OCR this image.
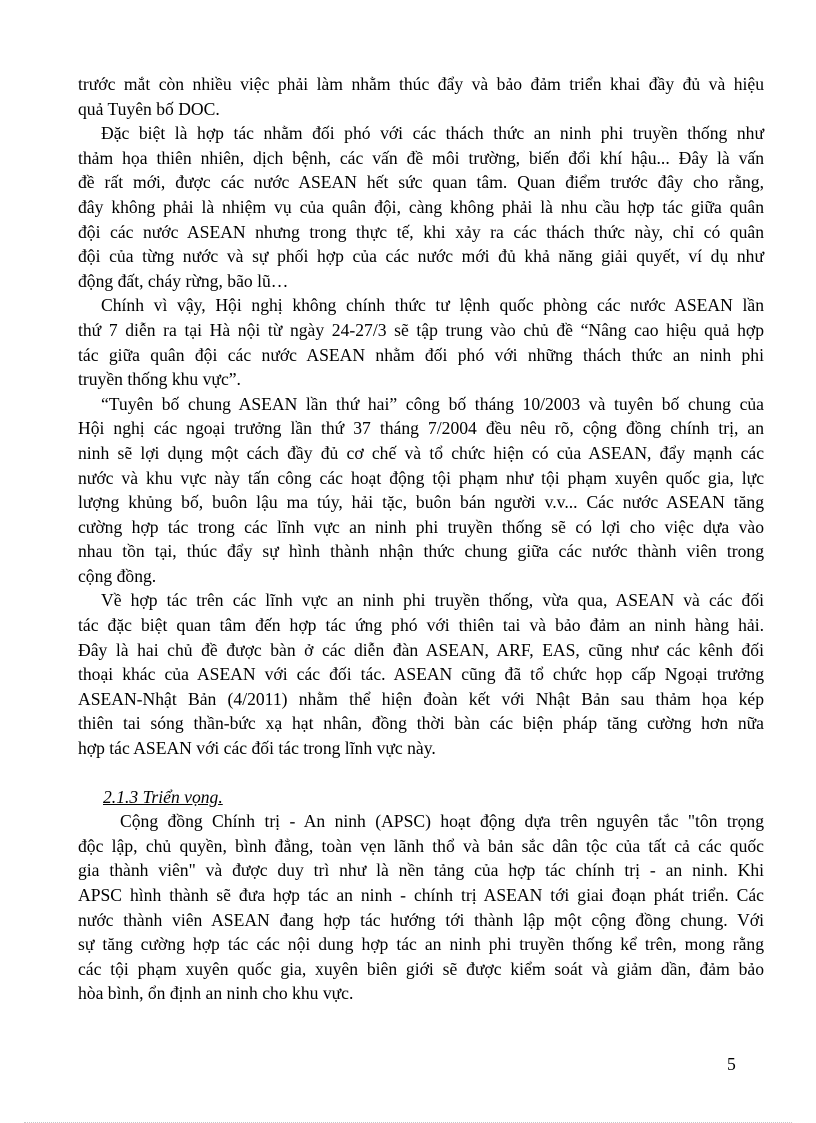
trước mắt còn nhiều việc phải làm nhằm thúc đẩy và bảo đảm triển khai đầy đủ và hiệu
quả Tuyên bố DOC.
Đặc biệt là hợp tác nhằm đối phó với các thách thức an ninh phi truyền thống như
thảm họa thiên nhiên, dịch bệnh, các vấn đề môi trường, biến đổi khí hậu... Đây là vấn
đề rất mới, được các nước ASEAN hết sức quan tâm. Quan điểm trước đây cho rằng,
đây không phải là nhiệm vụ của quân đội, càng không phải là nhu cầu hợp tác giữa quân
đội các nước ASEAN nhưng trong thực tế, khi xảy ra các thách thức này, chỉ có quân
đội của từng nước và sự phối hợp của các nước mới đủ khả năng giải quyết, ví dụ như
động đất, cháy rừng, bão lũ…
Chính vì vậy, Hội nghị không chính thức tư lệnh quốc phòng các nước ASEAN lần
thứ 7 diễn ra tại Hà nội từ ngày 24-27/3 sẽ tập trung vào chủ đề “Nâng cao hiệu quả hợp
tác giữa quân đội các nước ASEAN nhằm đối phó với những thách thức an ninh phi
truyền thống khu vực”.
“Tuyên bố chung ASEAN lần thứ hai” công bố tháng 10/2003 và tuyên bố chung của
Hội nghị các ngoại trưởng lần thứ 37 tháng 7/2004 đều nêu rõ, cộng đồng chính trị, an
ninh sẽ lợi dụng một cách đầy đủ cơ chế và tổ chức hiện có của ASEAN, đẩy mạnh các
nước và khu vực này tấn công các hoạt động tội phạm như tội phạm xuyên quốc gia, lực
lượng khủng bố, buôn lậu ma túy, hải tặc, buôn bán người v.v... Các nước ASEAN tăng
cường hợp tác trong các lĩnh vực an ninh phi truyền thống sẽ có lợi cho việc dựa vào
nhau tồn tại, thúc đẩy sự hình thành nhận thức chung giữa các nước thành viên trong
cộng đồng.
Về hợp tác trên các lĩnh vực an ninh phi truyền thống, vừa qua, ASEAN và các đối
tác đặc biệt quan tâm đến hợp tác ứng phó với thiên tai và bảo đảm an ninh hàng hải.
Đây là hai chủ đề được bàn ở các diễn đàn ASEAN, ARF, EAS, cũng như các kênh đối
thoại khác của ASEAN với các đối tác. ASEAN cũng đã tổ chức họp cấp Ngoại trưởng
ASEAN-Nhật Bản (4/2011) nhằm thể hiện đoàn kết với Nhật Bản sau thảm họa kép
thiên tai sóng thần-bức xạ hạt nhân, đồng thời bàn các biện pháp tăng cường hơn nữa
hợp tác ASEAN với các đối tác trong lĩnh vực này.
2.1.3 Triển vọng.
Cộng đồng Chính trị - An ninh (APSC) hoạt động dựa trên nguyên tắc "tôn trọng
độc lập, chủ quyền, bình đẳng, toàn vẹn lãnh thổ và bản sắc dân tộc của tất cả các quốc
gia thành viên" và được duy trì như là nền tảng của hợp tác chính trị - an ninh. Khi
APSC hình thành sẽ đưa hợp tác an ninh - chính trị ASEAN tới giai đoạn phát triển. Các
nước thành viên ASEAN đang hợp tác hướng tới thành lập một cộng đồng chung. Với
sự tăng cường hợp tác các nội dung hợp tác an ninh phi truyền thống kể trên, mong rằng
các tội phạm xuyên quốc gia, xuyên biên giới sẽ được kiểm soát và giảm dần, đảm bảo
hòa bình, ổn định an ninh cho khu vực.
5
